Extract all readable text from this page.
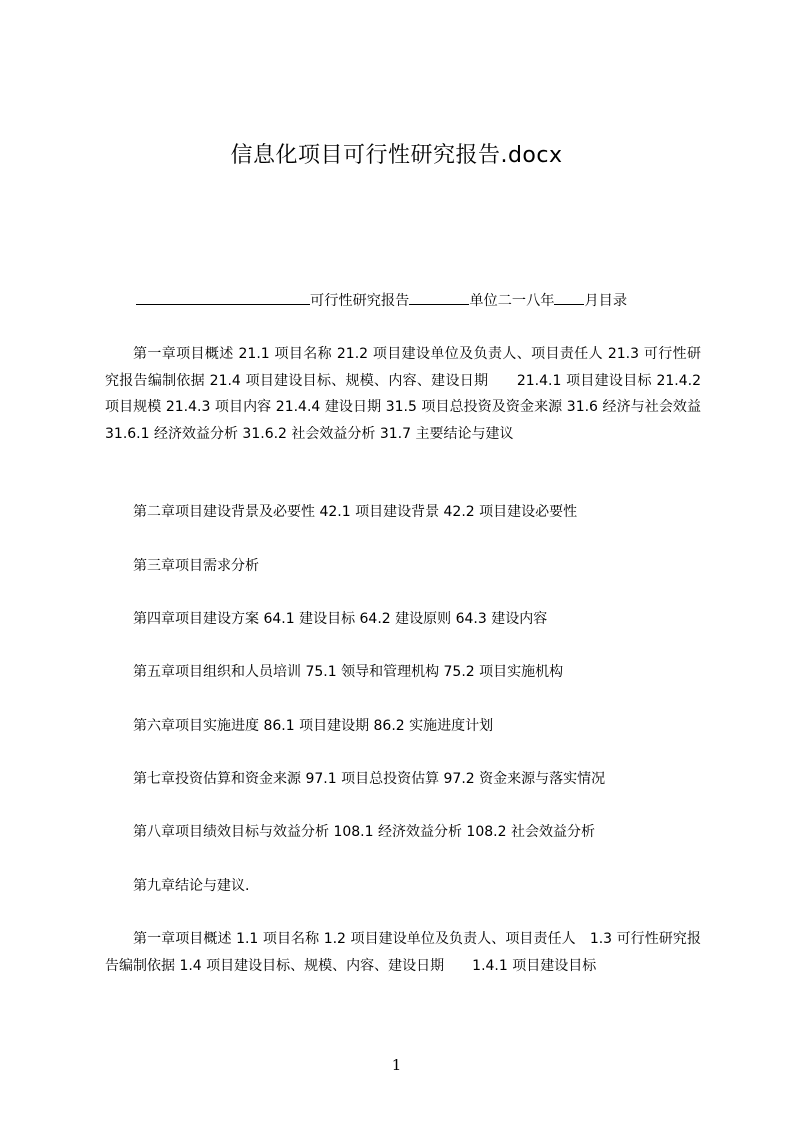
信息化项目可行性研究报告.docx
可行性研究报告	单位二一八年 月目录
第一章项目概述 21.1 项目名称 21.2 项目建设单位及负责人、项目责任人 21.3 可行性研究报告编制依据 21.4 项目建设目标、规模、内容、建设日期　　21.4.1 项目建设目标 21.4.2 项目规模 21.4.3 项目内容 21.4.4 建设日期 31.5 项目总投资及资金来源 31.6 经济与社会效益 31.6.1 经济效益分析 31.6.2 社会效益分析 31.7 主要结论与建议
第二章项目建设背景及必要性 42.1 项目建设背景 42.2 项目建设必要性
第三章项目需求分析
第四章项目建设方案 64.1 建设目标 64.2 建设原则 64.3 建设内容
第五章项目组织和人员培训 75.1 领导和管理机构 75.2 项目实施机构
第六章项目实施进度 86.1 项目建设期 86.2 实施进度计划
第七章投资估算和资金来源 97.1 项目总投资估算 97.2 资金来源与落实情况
第八章项目绩效目标与效益分析 108.1 经济效益分析 108.2 社会效益分析
第九章结论与建议.
第一章项目概述 1.1 项目名称 1.2 项目建设单位及负责人、项目责任人　1.3 可行性研究报告编制依据 1.4 项目建设目标、规模、内容、建设日期　　1.4.1 项目建设目标
1
